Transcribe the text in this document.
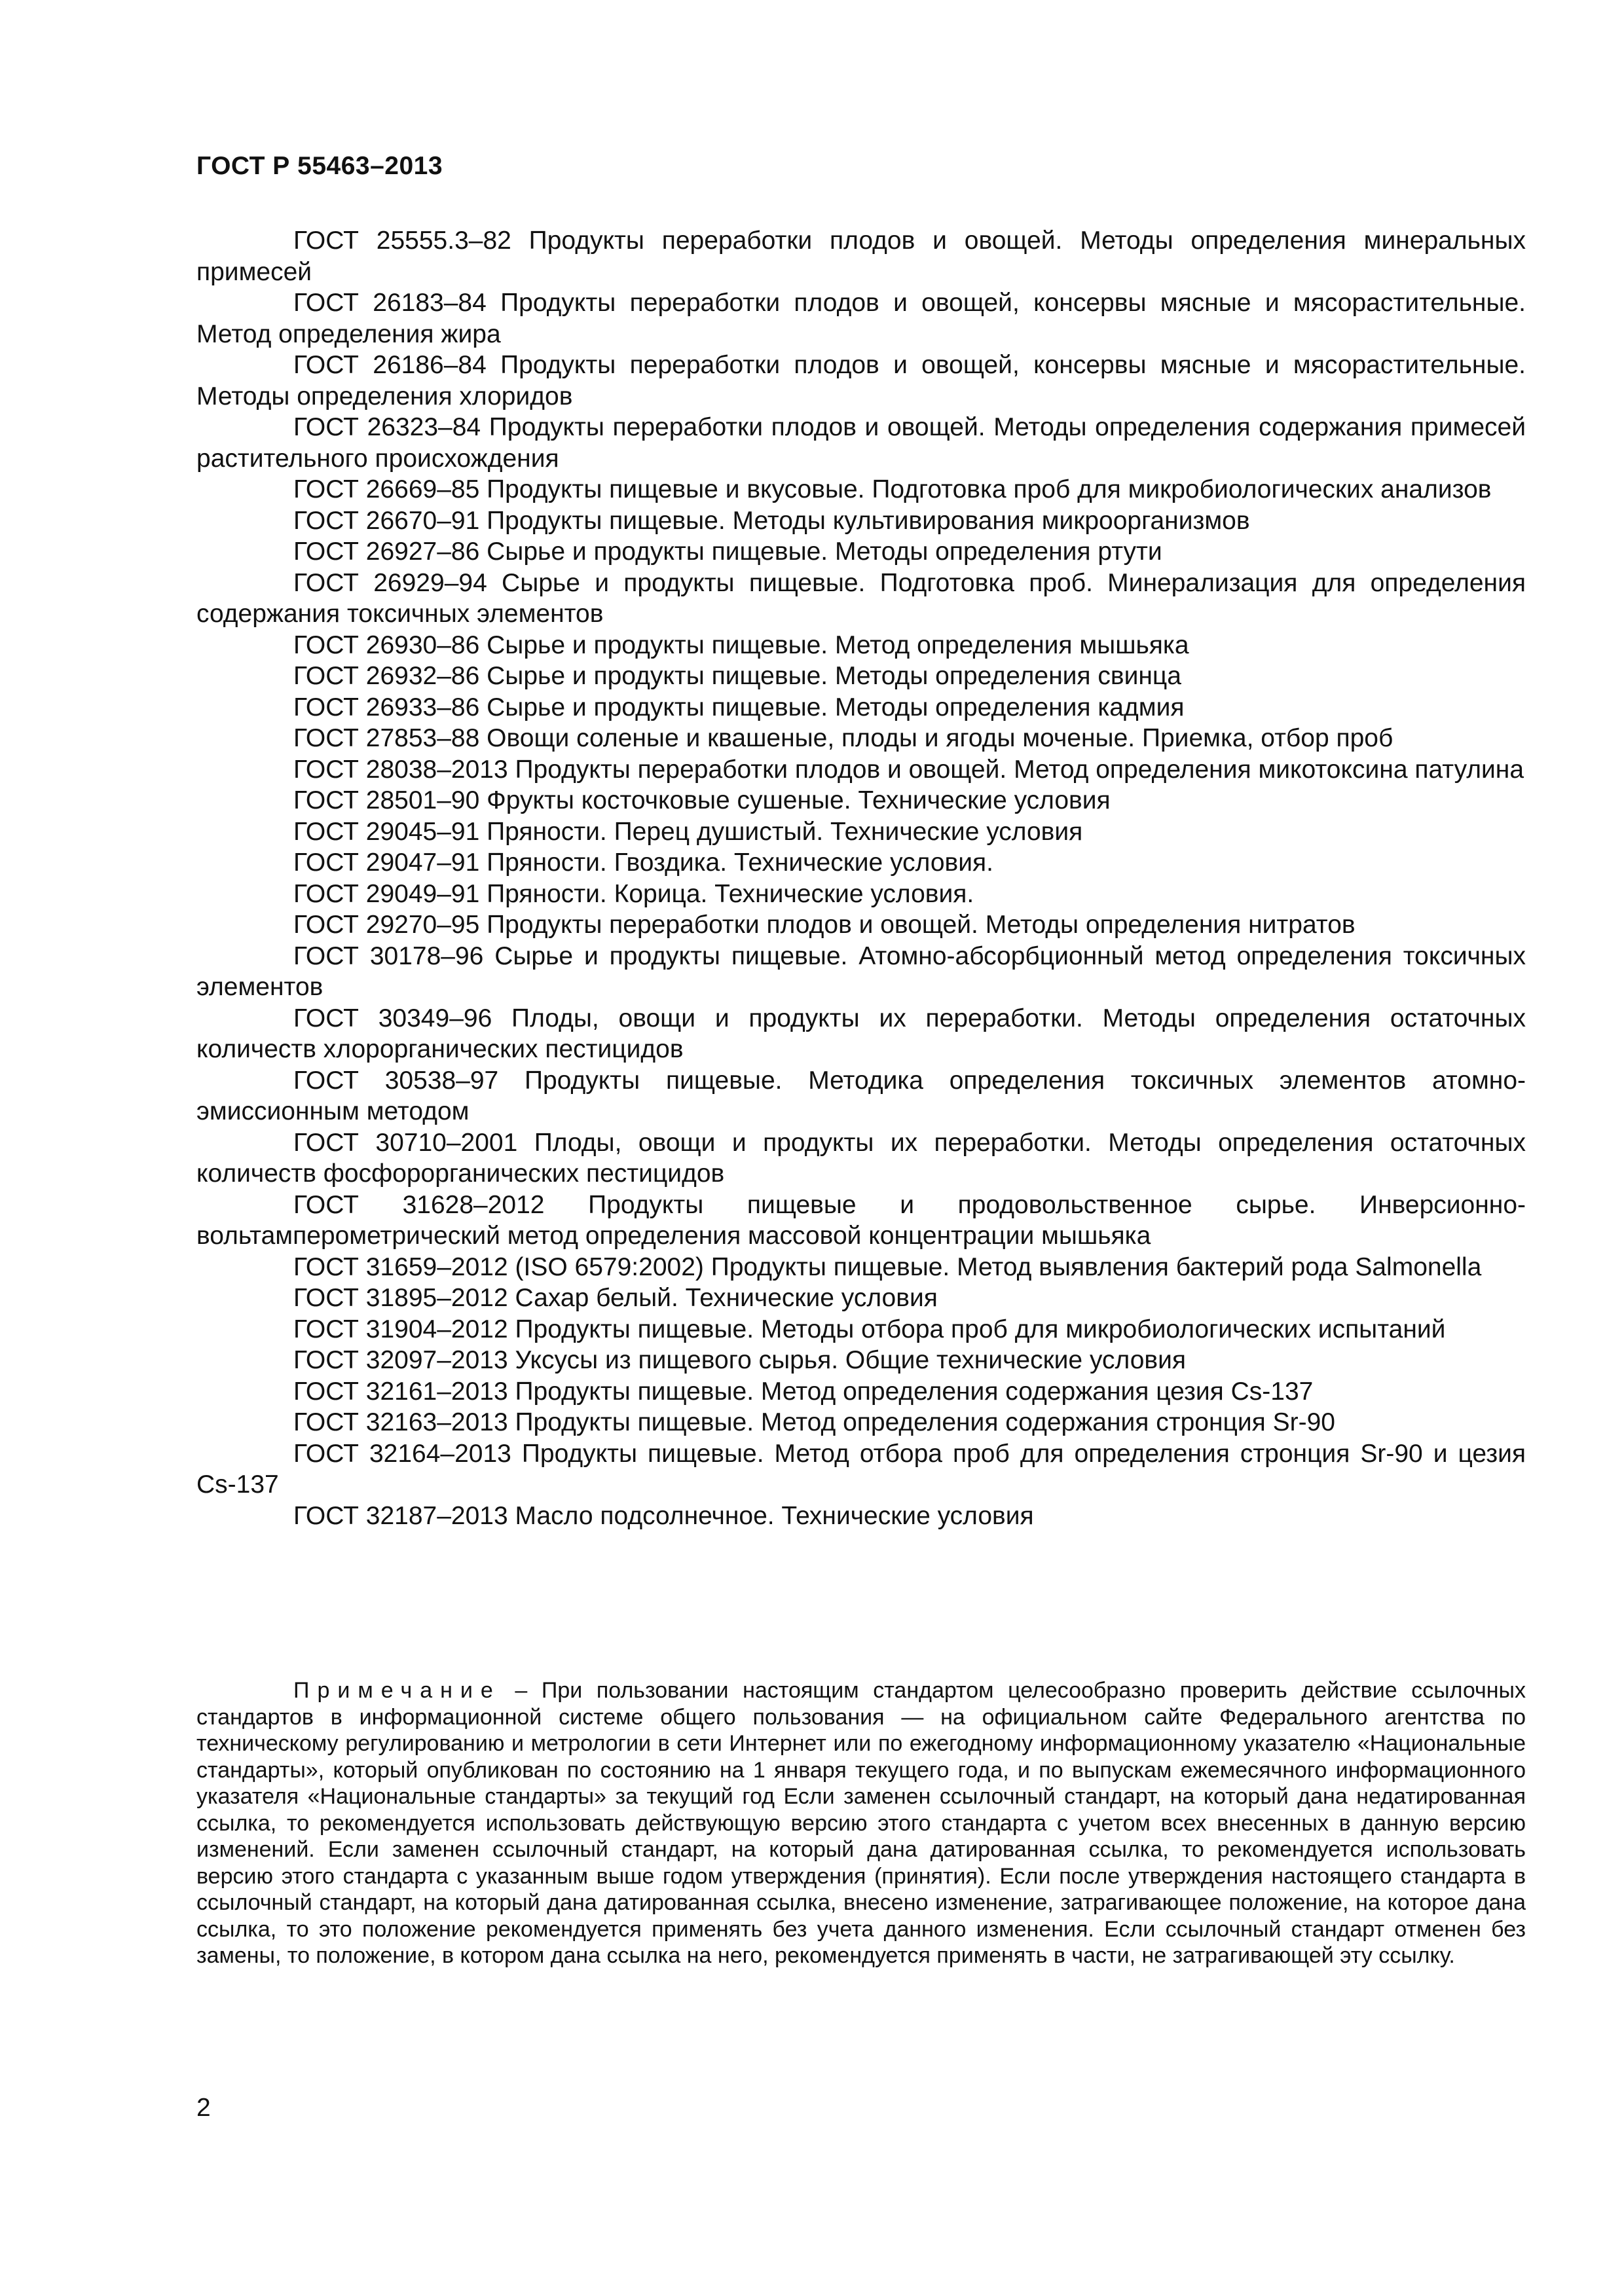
ГОСТ Р 55463–2013

ГОСТ 25555.3–82 Продукты переработки плодов и овощей. Методы определения минеральных примесей

ГОСТ 26183–84 Продукты переработки плодов и овощей, консервы мясные и мясорастительные. Метод определения жира

ГОСТ 26186–84 Продукты переработки плодов и овощей, консервы мясные и мясорастительные. Методы определения хлоридов

ГОСТ 26323–84 Продукты переработки плодов и овощей. Методы определения содержания примесей растительного происхождения

ГОСТ 26669–85 Продукты пищевые и вкусовые. Подготовка проб для микробиологических анализов

ГОСТ 26670–91 Продукты пищевые. Методы культивирования микроорганизмов

ГОСТ 26927–86 Сырье и продукты пищевые. Методы определения ртути

ГОСТ 26929–94 Сырье и продукты пищевые. Подготовка проб. Минерализация для определения содержания токсичных элементов

ГОСТ 26930–86 Сырье и продукты пищевые. Метод определения мышьяка

ГОСТ 26932–86 Сырье и продукты пищевые. Методы определения свинца

ГОСТ 26933–86 Сырье и продукты пищевые. Методы определения кадмия

ГОСТ 27853–88 Овощи соленые и квашеные, плоды и ягоды моченые. Приемка, отбор проб

ГОСТ 28038–2013 Продукты переработки плодов и овощей. Метод определения микотоксина патулина

ГОСТ 28501–90 Фрукты косточковые сушеные. Технические условия

ГОСТ 29045–91 Пряности. Перец душистый. Технические условия

ГОСТ 29047–91 Пряности. Гвоздика. Технические условия.

ГОСТ 29049–91 Пряности. Корица. Технические условия.

ГОСТ 29270–95 Продукты переработки плодов и овощей. Методы определения нитратов

ГОСТ 30178–96 Сырье и продукты пищевые. Атомно-абсорбционный метод определения токсичных элементов

ГОСТ 30349–96 Плоды, овощи и продукты их переработки. Методы определения остаточных количеств хлорорганических пестицидов

ГОСТ 30538–97 Продукты пищевые. Методика определения токсичных элементов атомно-эмиссионным методом

ГОСТ 30710–2001 Плоды, овощи и продукты их переработки. Методы определения остаточных количеств фосфорорганических пестицидов

ГОСТ 31628–2012 Продукты пищевые и продовольственное сырье. Инверсионно-вольтамперометрический метод определения массовой концентрации мышьяка

ГОСТ 31659–2012 (ISO 6579:2002) Продукты пищевые. Метод выявления бактерий рода Salmonella

ГОСТ 31895–2012 Сахар белый. Технические условия

ГОСТ 31904–2012 Продукты пищевые. Методы отбора проб для микробиологических испытаний

ГОСТ 32097–2013 Уксусы из пищевого сырья. Общие технические условия

ГОСТ 32161–2013 Продукты пищевые. Метод определения содержания цезия Cs-137

ГОСТ 32163–2013 Продукты пищевые. Метод определения содержания стронция Sr-90

ГОСТ 32164–2013 Продукты пищевые. Метод отбора проб для определения стронция Sr-90 и цезия Cs-137

ГОСТ 32187–2013 Масло подсолнечное. Технические условия

Примечание – При пользовании настоящим стандартом целесообразно проверить действие ссылочных стандартов в информационной системе общего пользования — на официальном сайте Федерального агентства по техническому регулированию и метрологии в сети Интернет или по ежегодному информационному указателю «Национальные стандарты», который опубликован по состоянию на 1 января текущего года, и по выпускам ежемесячного информационного указателя «Национальные стандарты» за текущий год Если заменен ссылочный стандарт, на который дана недатированная ссылка, то рекомендуется использовать действующую версию этого стандарта с учетом всех внесенных в данную версию изменений. Если заменен ссылочный стандарт, на который дана датированная ссылка, то рекомендуется использовать версию этого стандарта с указанным выше годом утверждения (принятия). Если после утверждения настоящего стандарта в ссылочный стандарт, на который дана датированная ссылка, внесено изменение, затрагивающее положение, на которое дана ссылка, то это положение рекомендуется применять без учета данного изменения. Если ссылочный стандарт отменен без замены, то положение, в котором дана ссылка на него, рекомендуется применять в части, не затрагивающей эту ссылку.

2
